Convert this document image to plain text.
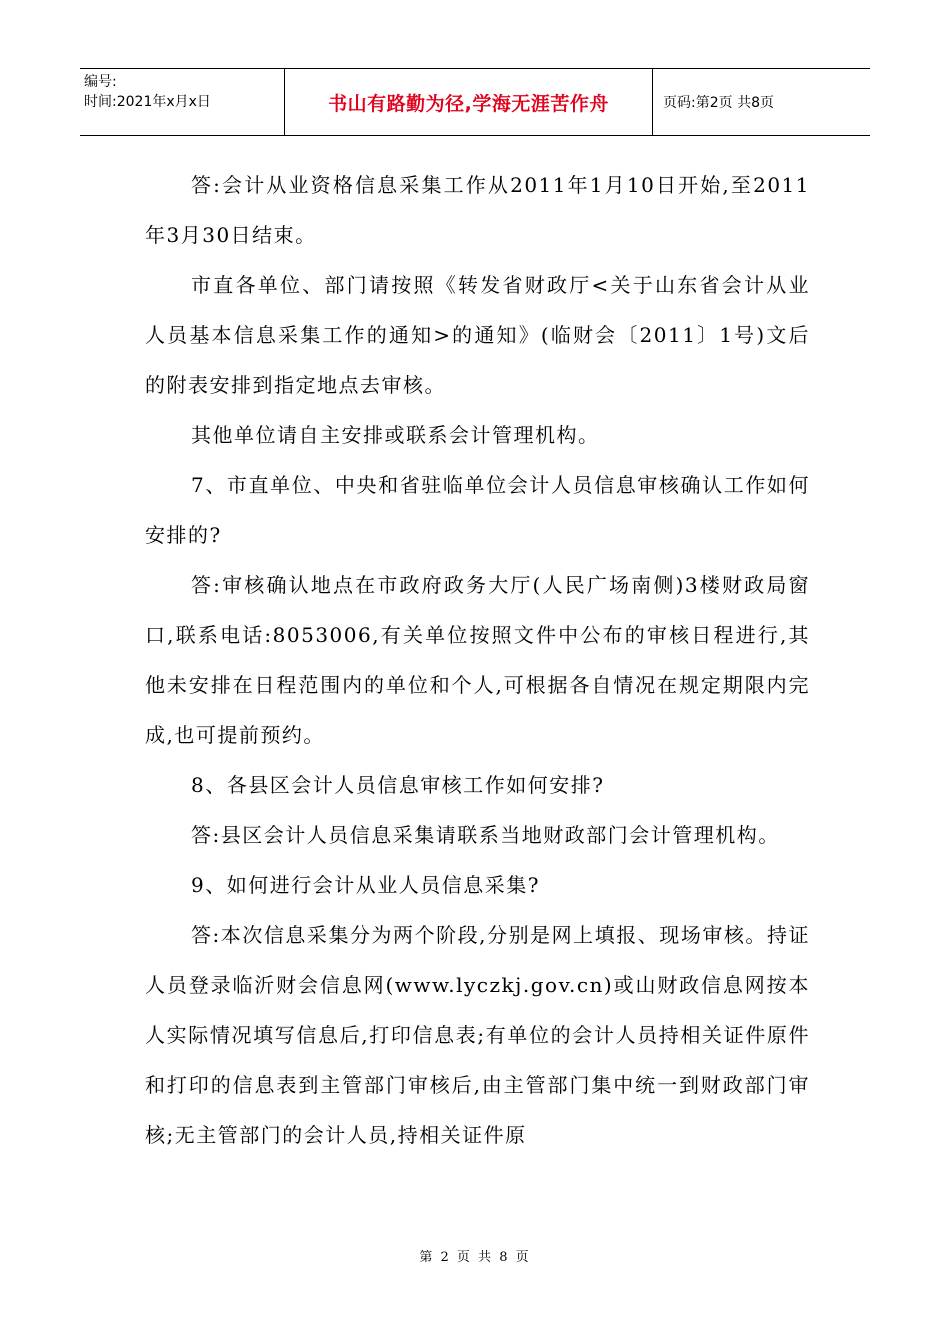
编号:
时间:2021年x月x日	书山有路勤为径,学海无涯苦作舟	页码:第2页 共8页

答:会计从业资格信息采集工作从2011年1月10日开始,至2011年3月30日结束。

市直各单位、部门请按照《转发省财政厅<关于山东省会计从业人员基本信息采集工作的通知>的通知》(临财会〔2011〕1号)文后的附表安排到指定地点去审核。

其他单位请自主安排或联系会计管理机构。

7、市直单位、中央和省驻临单位会计人员信息审核确认工作如何安排的?

答:审核确认地点在市政府政务大厅(人民广场南侧)3楼财政局窗口,联系电话:8053006,有关单位按照文件中公布的审核日程进行,其他未安排在日程范围内的单位和个人,可根据各自情况在规定期限内完成,也可提前预约。

8、各县区会计人员信息审核工作如何安排?

答:县区会计人员信息采集请联系当地财政部门会计管理机构。

9、如何进行会计从业人员信息采集?

答:本次信息采集分为两个阶段,分别是网上填报、现场审核。持证人员登录临沂财会信息网(www.lyczkj.gov.cn)或山财政信息网按本人实际情况填写信息后,打印信息表;有单位的会计人员持相关证件原件和打印的信息表到主管部门审核后,由主管部门集中统一到财政部门审核;无主管部门的会计人员,持相关证件原

第 2 页 共 8 页
